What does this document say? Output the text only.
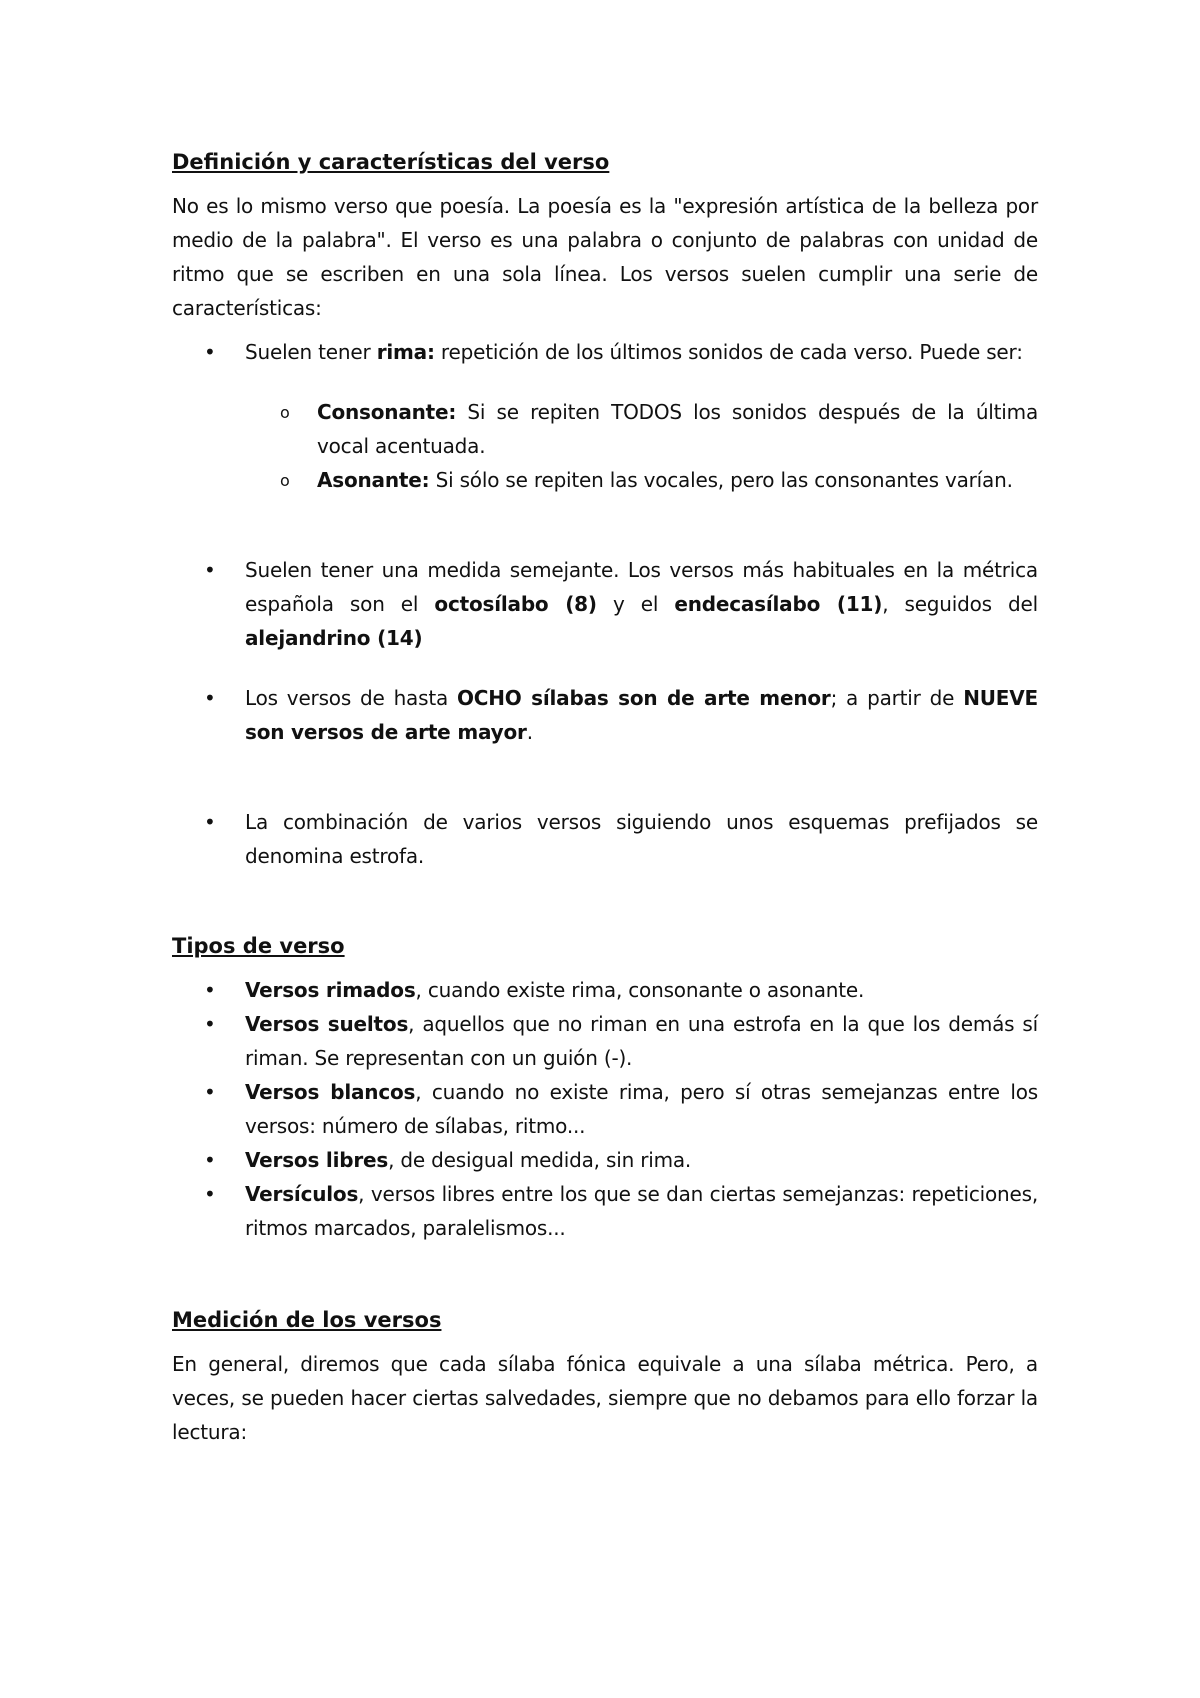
Definición y características del verso

No es lo mismo verso que poesía. La poesía es la "expresión artística de la belleza por medio de la palabra". El verso es una palabra o conjunto de palabras con unidad de ritmo que se escriben en una sola línea. Los versos suelen cumplir una serie de características:

• Suelen tener rima: repetición de los últimos sonidos de cada verso. Puede ser:
o Consonante: Si se repiten TODOS los sonidos después de la última vocal acentuada.
o Asonante: Si sólo se repiten las vocales, pero las consonantes varían.
• Suelen tener una medida semejante. Los versos más habituales en la métrica española son el octosílabo (8) y el endecasílabo (11), seguidos del alejandrino (14)
• Los versos de hasta OCHO sílabas son de arte menor; a partir de NUEVE son versos de arte mayor.
• La combinación de varios versos siguiendo unos esquemas prefijados se denomina estrofa.
Tipos de verso
• Versos rimados, cuando existe rima, consonante o asonante.
• Versos sueltos, aquellos que no riman en una estrofa en la que los demás sí riman. Se representan con un guión (-).
• Versos blancos, cuando no existe rima, pero sí otras semejanzas entre los versos: número de sílabas, ritmo...
• Versos libres, de desigual medida, sin rima.
• Versículos, versos libres entre los que se dan ciertas semejanzas: repeticiones, ritmos marcados, paralelismos...
Medición de los versos

En general, diremos que cada sílaba fónica equivale a una sílaba métrica. Pero, a veces, se pueden hacer ciertas salvedades, siempre que no debamos para ello forzar la lectura:
